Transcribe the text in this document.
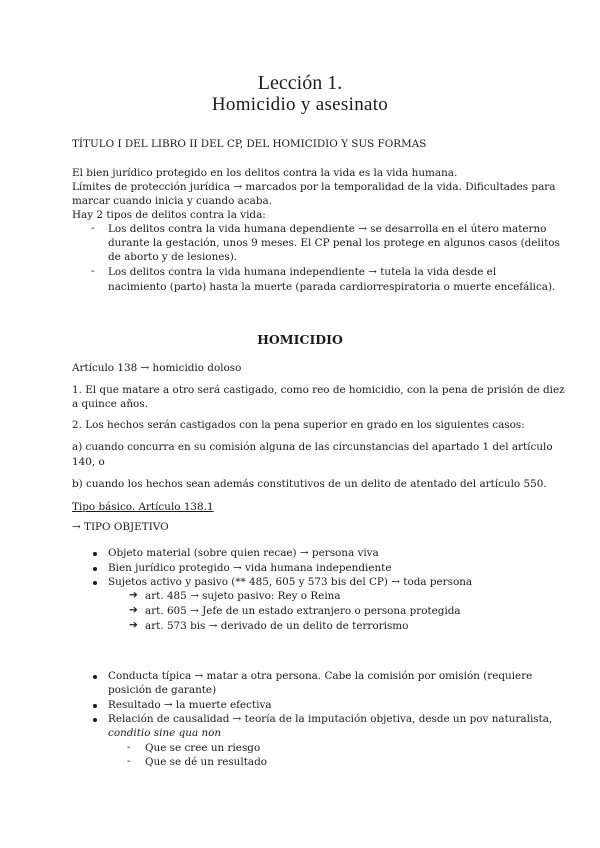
Lección 1.
Homicidio y asesinato
TÍTULO I DEL LIBRO II DEL CP, DEL HOMICIDIO Y SUS FORMAS
El bien jurídico protegido en los delitos contra la vida es la vida humana.
Límites de protección jurídica → marcados por la temporalidad de la vida. Dificultades para
marcar cuando inicia y cuando acaba.
Hay 2 tipos de delitos contra la vida:
- Los delitos contra la vida humana dependiente → se desarrolla en el útero materno
durante la gestación, unos 9 meses. El CP penal los protege en algunos casos (delitos
de aborto y de lesiones).
- Los delitos contra la vida humana independiente → tutela la vida desde el
nacimiento (parto) hasta la muerte (parada cardiorrespiratoria o muerte encefálica).
HOMICIDIO
Artículo 138 → homicidio doloso
1. El que matare a otro será castigado, como reo de homicidio, con la pena de prisión de diez
a quince años.
2. Los hechos serán castigados con la pena superior en grado en los siguientes casos:
a) cuando concurra en su comisión alguna de las circunstancias del apartado 1 del artículo
140, o
b) cuando los hechos sean además constitutivos de un delito de atentado del artículo 550.
Tipo básico. Artículo 138.1
→ TIPO OBJETIVO
Objeto material (sobre quien recae) → persona viva
Bien jurídico protegido → vida humana independiente
Sujetos activo y pasivo (** 485, 605 y 573 bis del CP) → toda persona
➔ art. 485 → sujeto pasivo: Rey o Reina
➔ art. 605 → Jefe de un estado extranjero o persona protegida
➔ art. 573 bis → derivado de un delito de terrorismo
Conducta típica → matar a otra persona. Cabe la comisión por omisión (requiere
posición de garante)
Resultado → la muerte efectiva
Relación de causalidad → teoría de la imputación objetiva, desde un pov naturalista,
conditio sine qua non
- Que se cree un riesgo
- Que se dé un resultado
